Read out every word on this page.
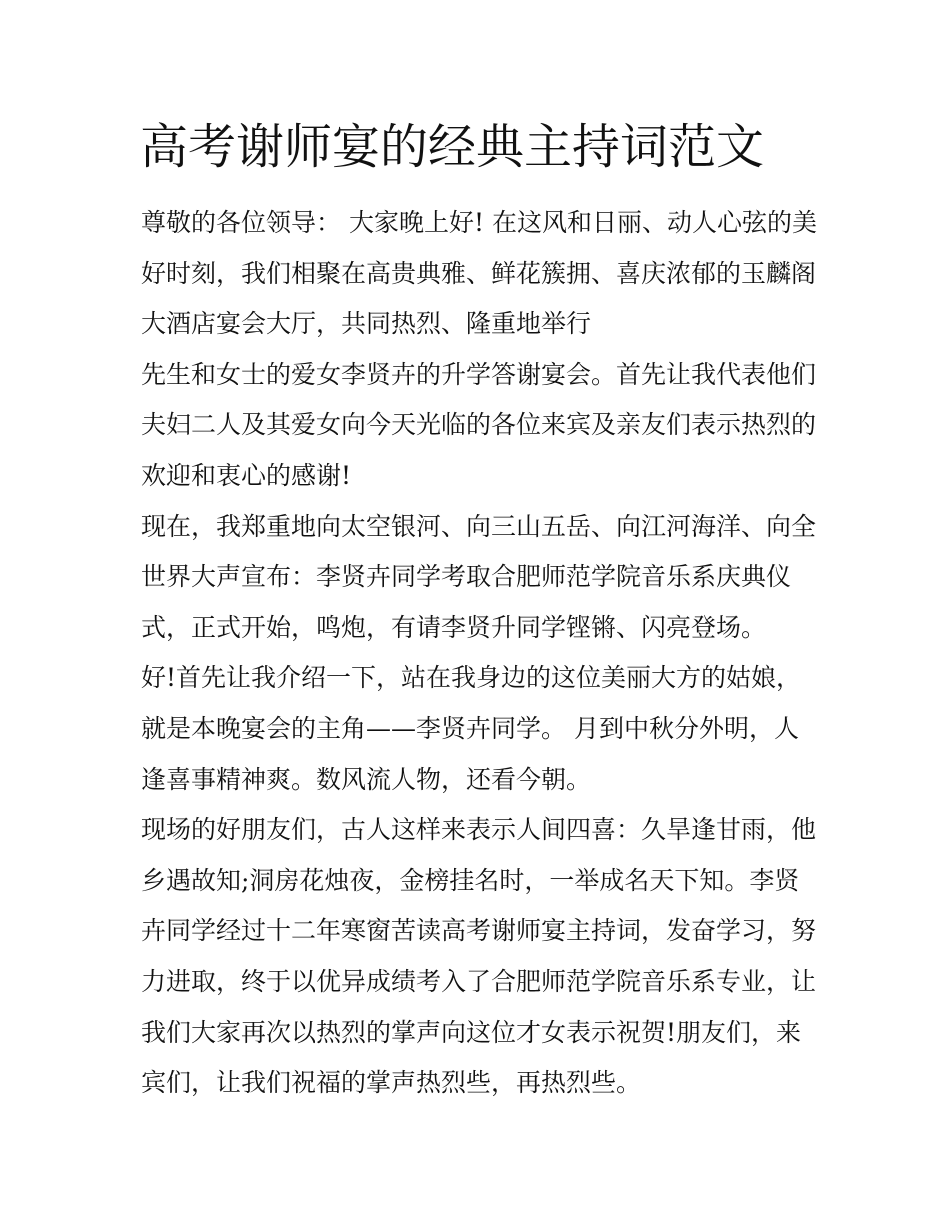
高考谢师宴的经典主持词范文

尊敬的各位领导： 大家晚上好! 在这风和日丽、动人心弦的美
好时刻，我们相聚在高贵典雅、鲜花簇拥、喜庆浓郁的玉麟阁
大酒店宴会大厅，共同热烈、隆重地举行

先生和女士的爱女李贤卉的升学答谢宴会。首先让我代表他们
夫妇二人及其爱女向今天光临的各位来宾及亲友们表示热烈的
欢迎和衷心的感谢!

现在，我郑重地向太空银河、向三山五岳、向江河海洋、向全
世界大声宣布：李贤卉同学考取合肥师范学院音乐系庆典仪
式，正式开始，鸣炮，有请李贤升同学铿锵、闪亮登场。

好!首先让我介绍一下，站在我身边的这位美丽大方的姑娘，
就是本晚宴会的主角——李贤卉同学。 月到中秋分外明，人
逢喜事精神爽。数风流人物，还看今朝。

现场的好朋友们，古人这样来表示人间四喜：久旱逢甘雨，他
乡遇故知;洞房花烛夜，金榜挂名时，一举成名天下知。李贤
卉同学经过十二年寒窗苦读高考谢师宴主持词，发奋学习，努
力进取，终于以优异成绩考入了合肥师范学院音乐系专业，让
我们大家再次以热烈的掌声向这位才女表示祝贺!朋友们，来
宾们，让我们祝福的掌声热烈些，再热烈些。
